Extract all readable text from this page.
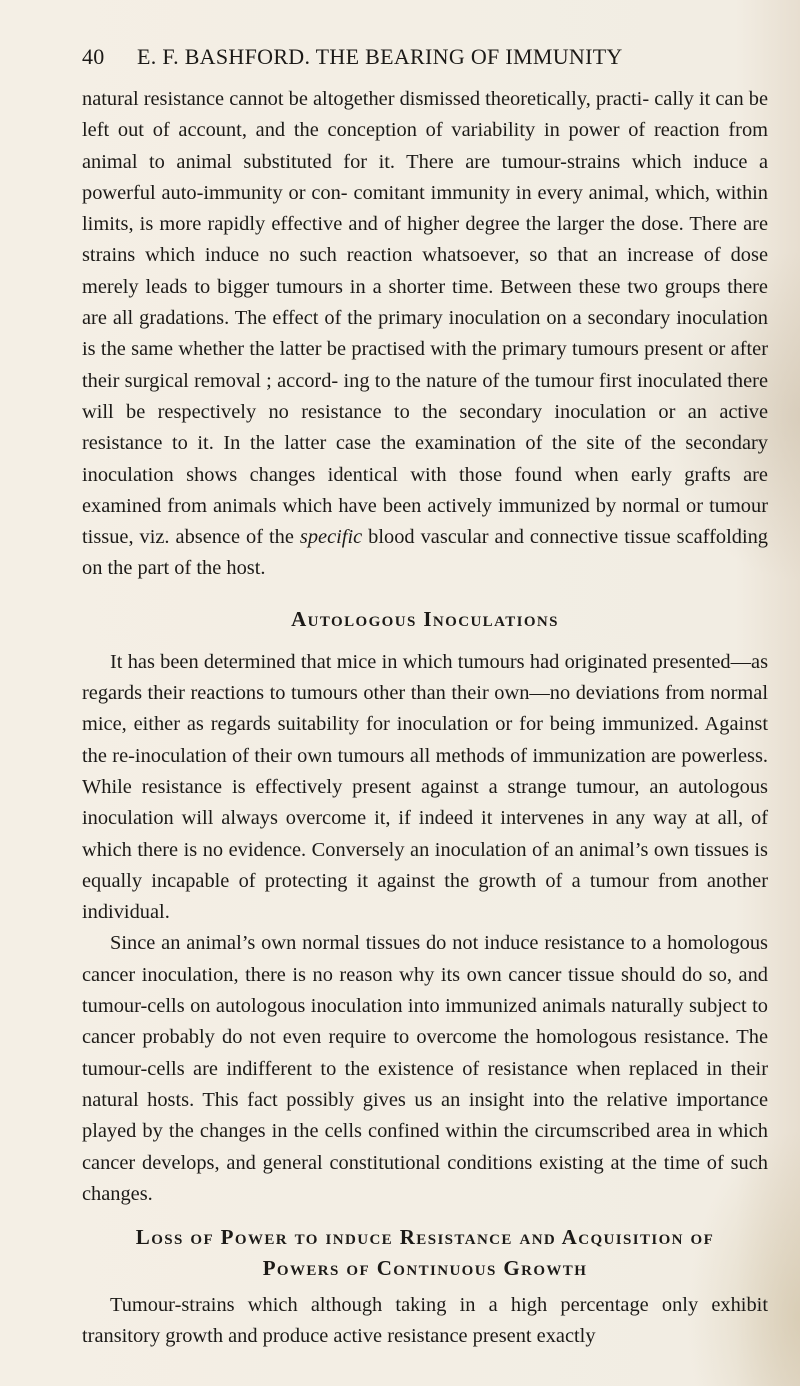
40 E. F. BASHFORD. THE BEARING OF IMMUNITY

natural resistance cannot be altogether dismissed theoretically, practi- cally it can be left out of account, and the conception of variability in power of reaction from animal to animal substituted for it. There are tumour-strains which induce a powerful auto-immunity or con- comitant immunity in every animal, which, within limits, is more rapidly effective and of higher degree the larger the dose. There are strains which induce no such reaction whatsoever, so that an increase of dose merely leads to bigger tumours in a shorter time. Between these two groups there are all gradations. The effect of the primary inoculation on a secondary inoculation is the same whether the latter be practised with the primary tumours present or after their surgical removal ; accord- ing to the nature of the tumour first inoculated there will be respectively no resistance to the secondary inoculation or an active resistance to it. In the latter case the examination of the site of the secondary inoculation shows changes identical with those found when early grafts are examined from animals which have been actively immunized by normal or tumour tissue, viz. absence of the specific blood vascular and connective tissue scaffolding on the part of the host.

Autologous Inoculations

It has been determined that mice in which tumours had originated presented—as regards their reactions to tumours other than their own—no deviations from normal mice, either as regards suitability for inoculation or for being immunized. Against the re-inoculation of their own tumours all methods of immunization are powerless. While resistance is effectively present against a strange tumour, an autologous inoculation will always overcome it, if indeed it intervenes in any way at all, of which there is no evidence. Conversely an inoculation of an animal’s own tissues is equally incapable of protecting it against the growth of a tumour from another individual.

Since an animal’s own normal tissues do not induce resistance to a homologous cancer inoculation, there is no reason why its own cancer tissue should do so, and tumour-cells on autologous inoculation into immunized animals naturally subject to cancer probably do not even require to overcome the homologous resistance. The tumour-cells are indifferent to the existence of resistance when replaced in their natural hosts. This fact possibly gives us an insight into the relative importance played by the changes in the cells confined within the circumscribed area in which cancer develops, and general constitutional conditions existing at the time of such changes.

Loss of Power to induce Resistance and Acquisition of
Powers of Continuous Growth

Tumour-strains which although taking in a high percentage only exhibit transitory growth and produce active resistance present exactly
